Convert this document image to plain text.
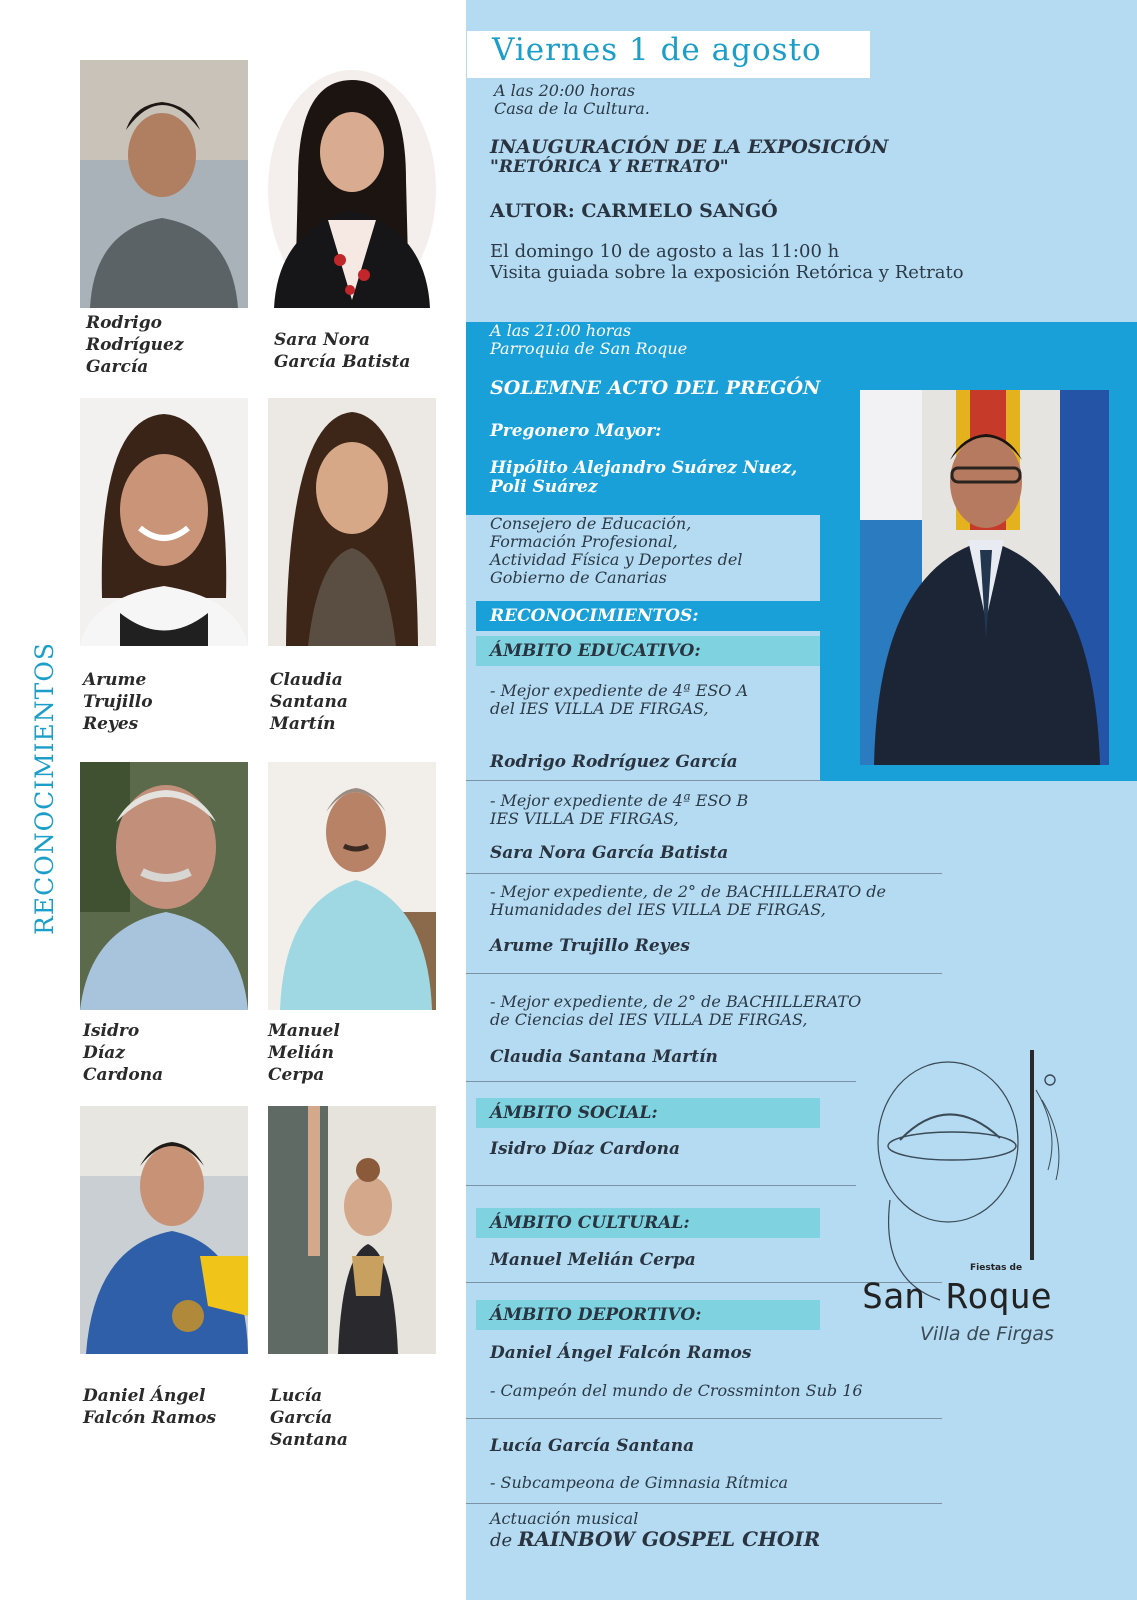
RECONOCIMIENTOS
Rodrigo
Rodríguez
García
Sara Nora
García Batista
Arume
Trujillo
Reyes
Claudia
Santana
Martín
Isidro
Díaz
Cardona
Manuel
Melián
Cerpa
Daniel Ángel
Falcón Ramos
Lucía
García
Santana
Viernes 1 de agosto
A las 20:00 horas
Casa de la Cultura.
INAUGURACIÓN DE LA EXPOSICIÓN
"RETÓRICA Y RETRATO"
AUTOR: CARMELO SANGÓ
El domingo 10 de agosto a las 11:00 h
Visita guiada sobre la exposición Retórica y Retrato
A las 21:00 horas
Parroquia de San Roque
SOLEMNE ACTO DEL PREGÓN
Pregonero Mayor:
Hipólito Alejandro Suárez Nuez,
Poli Suárez
Consejero de Educación,
Formación Profesional,
Actividad Física y Deportes del
Gobierno de Canarias
RECONOCIMIENTOS:
ÁMBITO EDUCATIVO:
- Mejor expediente de 4ª ESO A
del IES VILLA DE FIRGAS,
Rodrigo Rodríguez García
- Mejor expediente de 4ª ESO B
IES VILLA DE FIRGAS,
Sara Nora García Batista
- Mejor expediente, de 2° de BACHILLERATO de
Humanidades del IES VILLA DE FIRGAS,
Arume Trujillo Reyes
- Mejor expediente, de 2° de BACHILLERATO
de Ciencias del IES VILLA DE FIRGAS,
Claudia Santana Martín
ÁMBITO SOCIAL:
Isidro Díaz Cardona
ÁMBITO CULTURAL:
Manuel Melián Cerpa
ÁMBITO DEPORTIVO:
Daniel Ángel Falcón Ramos
- Campeón del mundo de Crossminton Sub 16
Lucía García Santana
- Subcampeona de Gimnasia Rítmica
Actuación musical
de RAINBOW GOSPEL CHOIR
Fiestas de
San Roque
Villa de Firgas
